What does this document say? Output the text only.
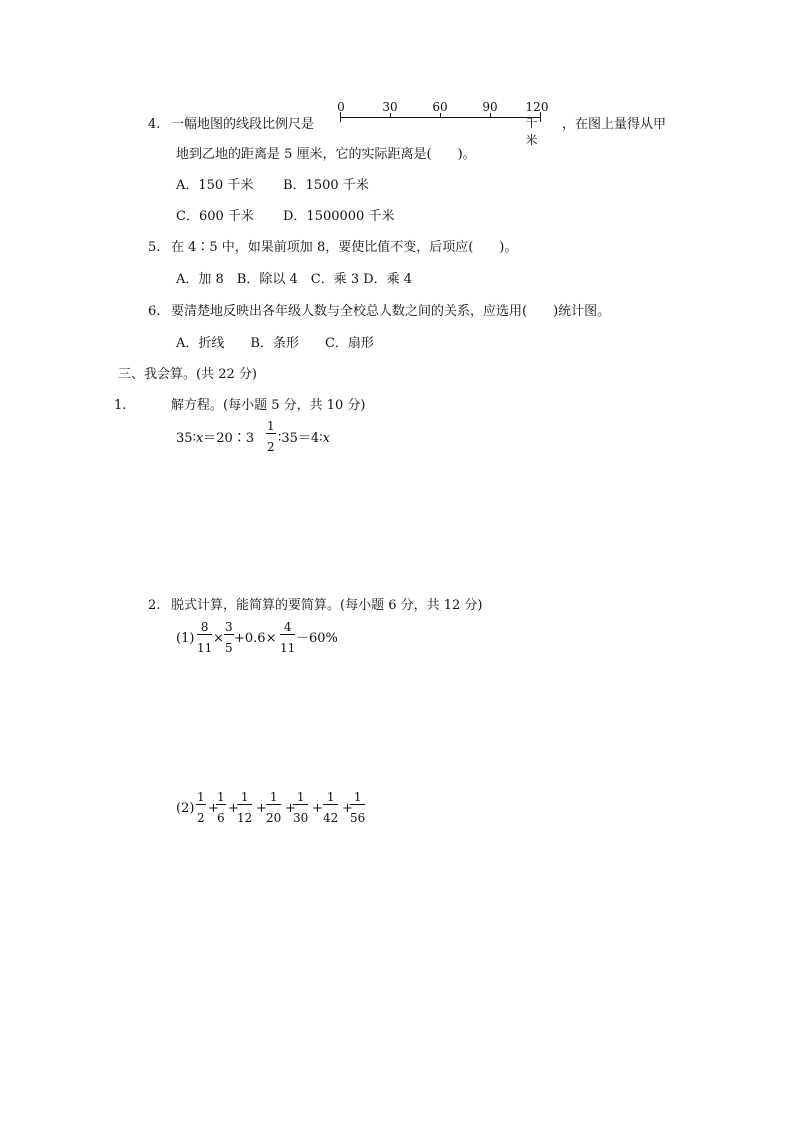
4. 一幅地图的线段比例尺是
0	30	60	90 120 千米
，在图上量得从甲
地到乙地的距离是 5 厘米，它的实际距离是(　　)。
A．150 千米 B．1500 千米
C．600 千米 D．1500000 千米
5. 在 4∶5 中，如果前项加 8，要使比值不变，后项应(　　)。
A．加 8　B．除以 4　C．乘 3 D．乘 4
6. 要清楚地反映出各年级人数与全校总人数之间的关系，应选用(　　)统计图。
A．折线　　B．条形　　C．扇形
三、我会算。(共 22 分)
1.	解方程。(每小题 5 分，共 10 分)
35∶x＝20∶3 $\frac{1}{2}$ ∶35＝4∶x
2. 脱式计算，能简算的要简算。(每小题 6 分，共 12 分)
$(1) \frac{8}{11} \times \frac{3}{5} +0.6\times \frac{4}{11} -60\%$
$(2) \frac{1}{2}$ +
$\frac{1}{6}$ +
$\frac{1}{12} + \frac{1}{20}$ +
$\frac{1}{30} + \frac{1}{42}$ +
$\frac{1}{56}$
